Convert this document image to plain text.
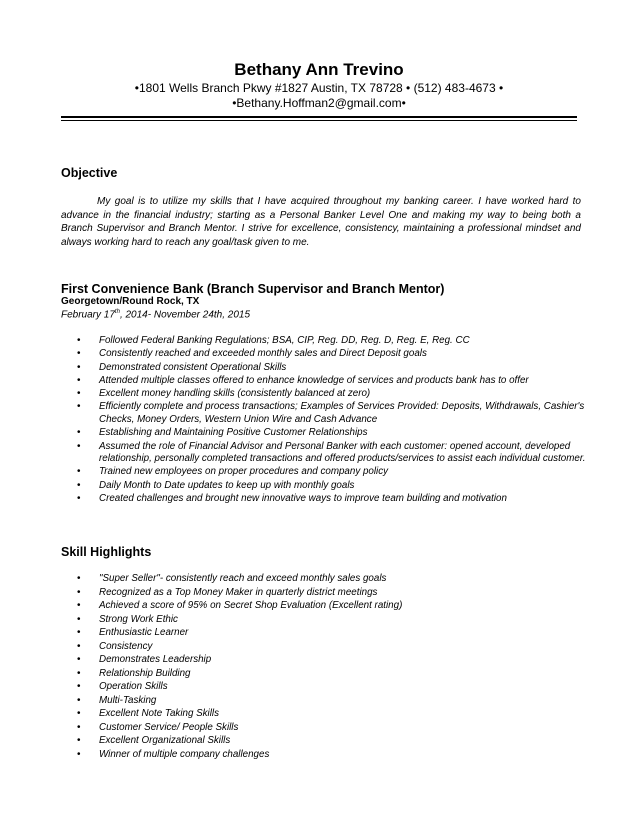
Bethany Ann Trevino
•1801 Wells Branch Pkwy #1827 Austin, TX 78728 • (512) 483-4673 •
•Bethany.Hoffman2@gmail.com•
Objective
My goal is to utilize my skills that I have acquired throughout my banking career. I have worked hard to advance in the financial industry; starting as a Personal Banker Level One and making my way to being both a Branch Supervisor and Branch Mentor. I strive for excellence, consistency, maintaining a professional mindset and always working hard to reach any goal/task given to me.
First Convenience Bank (Branch Supervisor and Branch Mentor)
Georgetown/Round Rock, TX
February 17th, 2014- November 24th, 2015
• Followed Federal Banking Regulations; BSA, CIP, Reg. DD, Reg. D, Reg. E, Reg. CC
• Consistently reached and exceeded monthly sales and Direct Deposit goals
• Demonstrated consistent Operational Skills
• Attended multiple classes offered to enhance knowledge of services and products bank has to offer
• Excellent money handling skills (consistently balanced at zero)
• Efficiently complete and process transactions; Examples of Services Provided: Deposits, Withdrawals, Cashier's Checks, Money Orders, Western Union Wire and Cash Advance
• Establishing and Maintaining Positive Customer Relationships
• Assumed the role of Financial Advisor and Personal Banker with each customer: opened account, developed relationship, personally completed transactions and offered products/services to assist each individual customer.
• Trained new employees on proper procedures and company policy
• Daily Month to Date updates to keep up with monthly goals
• Created challenges and brought new innovative ways to improve team building and motivation
Skill Highlights
• "Super Seller"- consistently reach and exceed monthly sales goals
• Recognized as a Top Money Maker in quarterly district meetings
• Achieved a score of 95% on Secret Shop Evaluation (Excellent rating)
• Strong Work Ethic
• Enthusiastic Learner
• Consistency
• Demonstrates Leadership
• Relationship Building
• Operation Skills
• Multi-Tasking
• Excellent Note Taking Skills
• Customer Service/ People Skills
• Excellent Organizational Skills
• Winner of multiple company challenges
